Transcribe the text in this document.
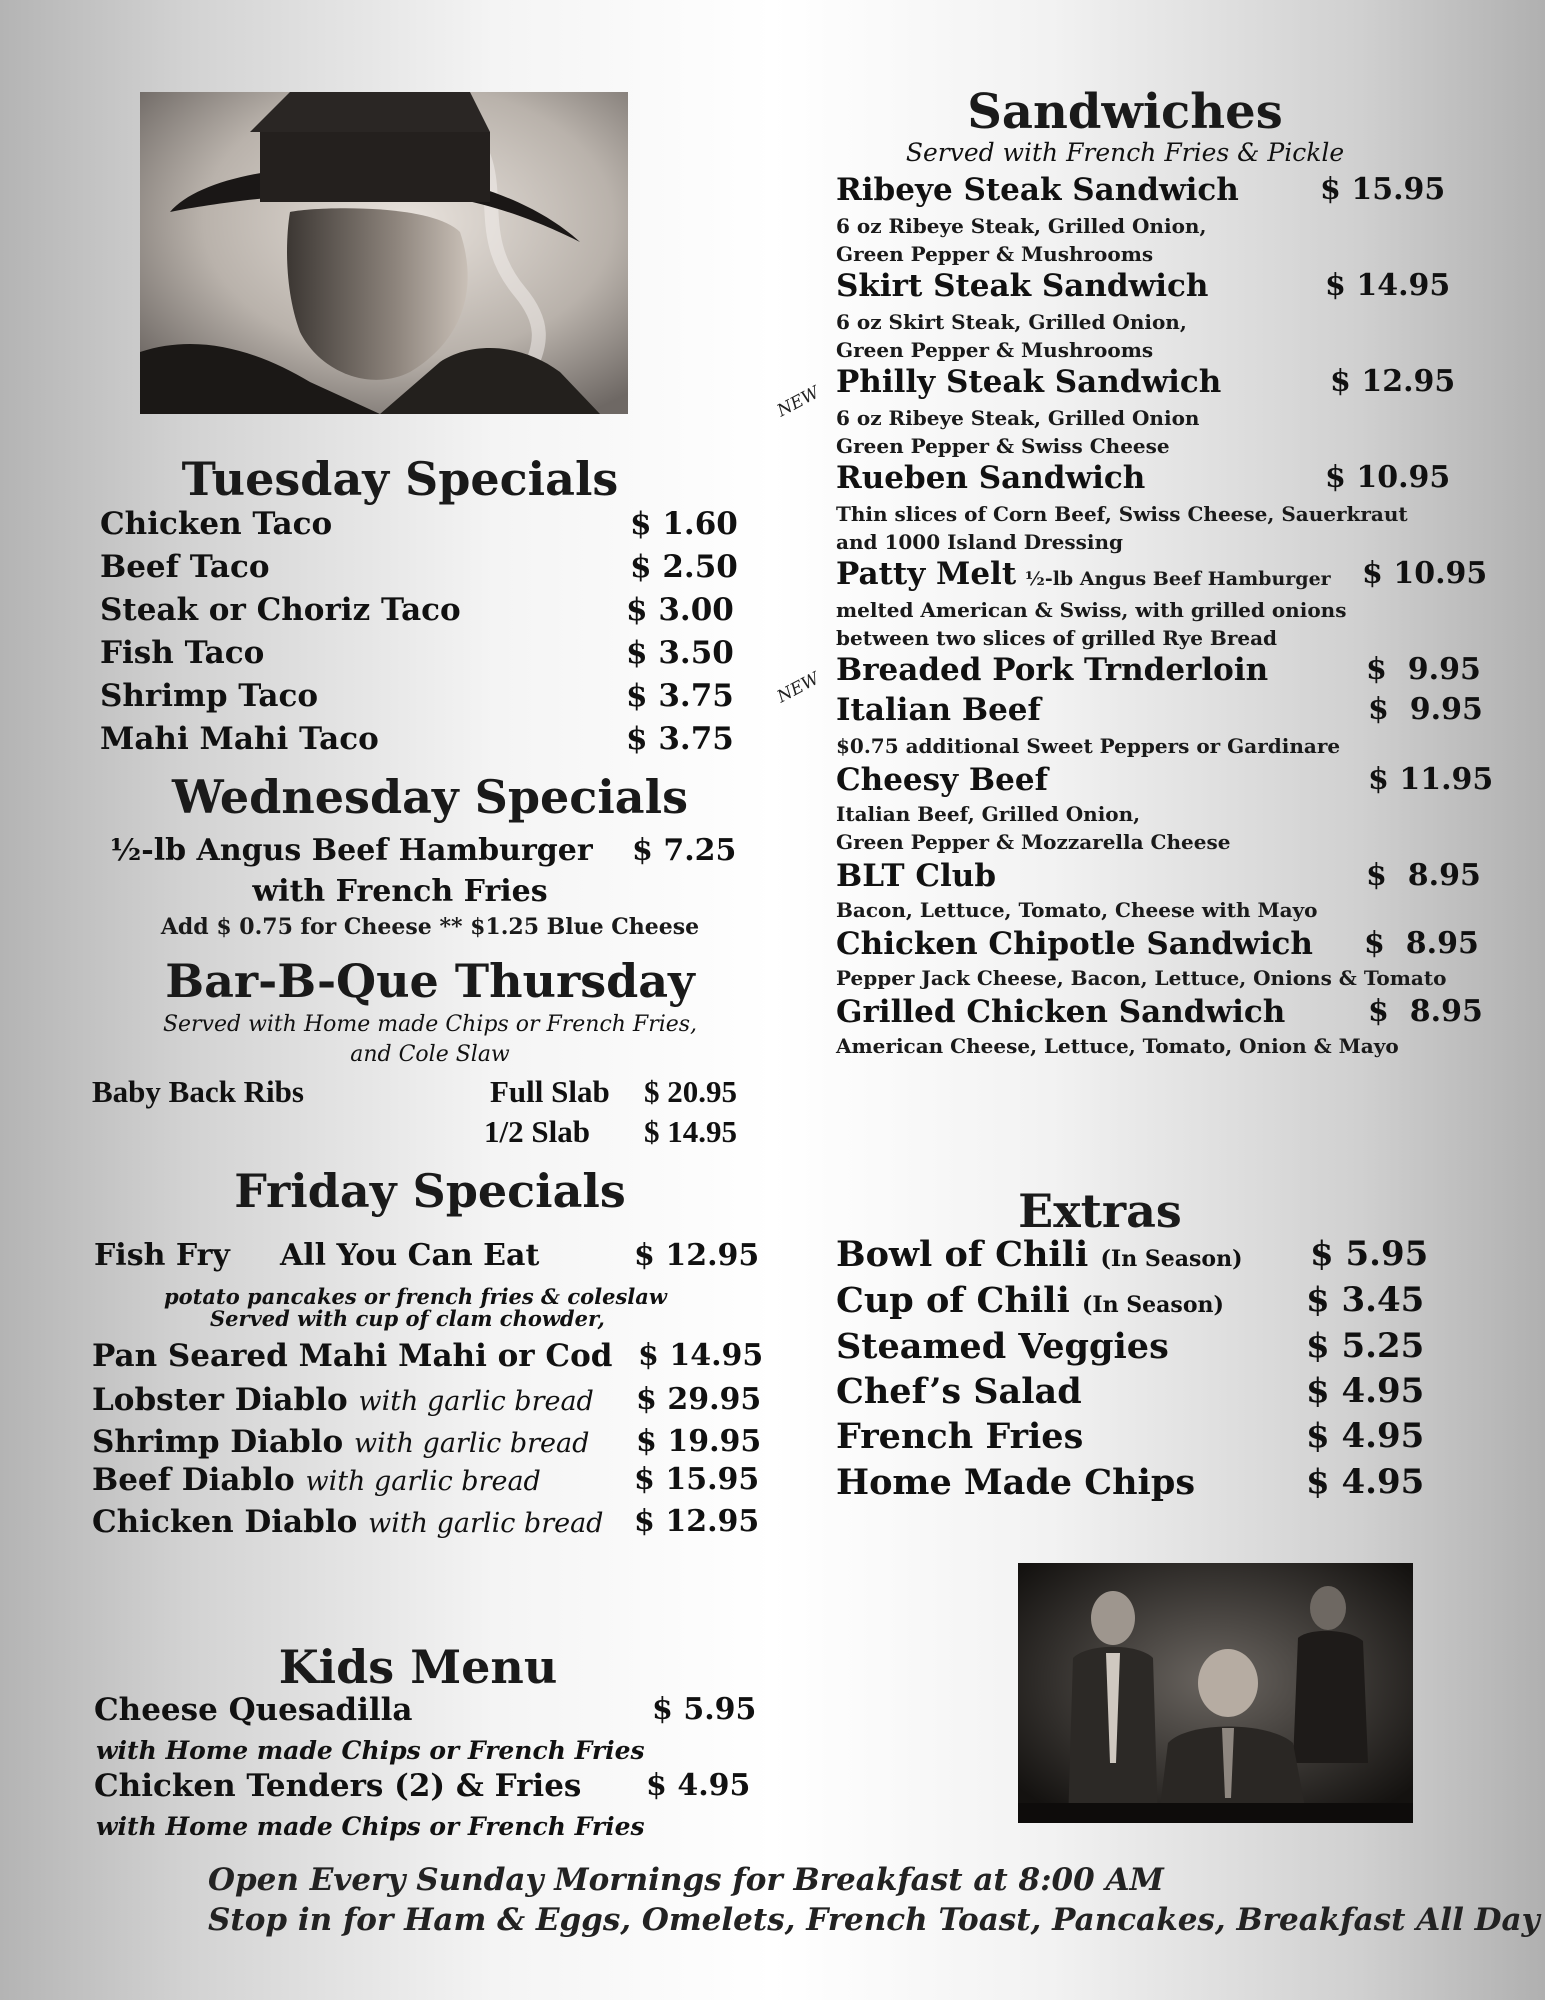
Sandwiches
Served with French Fries & Pickle
NEW
NEW
Ribeye Steak Sandwich	$ 15.95
6 oz Ribeye Steak, Grilled Onion,
Green Pepper & Mushrooms
Skirt Steak Sandwich	$ 14.95
6 oz Skirt Steak, Grilled Onion,
Green Pepper & Mushrooms
Philly Steak Sandwich	$ 12.95
6 oz Ribeye Steak, Grilled Onion
Green Pepper & Swiss Cheese
Rueben Sandwich	$ 10.95
Thin slices of Corn Beef, Swiss Cheese, Sauerkraut
and 1000 Island Dressing
Patty Melt ½-lb Angus Beef Hamburger $ 10.95
melted American & Swiss, with grilled onions
between two slices of grilled Rye Bread
Breaded Pork Trnderloin	$  9.95
Italian Beef	$  9.95
$0.75 additional Sweet Peppers or Gardinare
Cheesy Beef	$ 11.95
Italian Beef, Grilled Onion,
Green Pepper & Mozzarella Cheese
BLT Club	$  8.95
Bacon, Lettuce, Tomato, Cheese with Mayo
Chicken Chipotle Sandwich $  8.95
Pepper Jack Cheese, Bacon, Lettuce, Onions & Tomato
Grilled Chicken Sandwich	$  8.95
American Cheese, Lettuce, Tomato, Onion & Mayo
Tuesday Specials
Chicken Taco	$ 1.60
Beef Taco	$ 2.50
Steak or Choriz Taco	$ 3.00
Fish Taco	$ 3.50
Shrimp Taco	$ 3.75
Mahi Mahi Taco	$ 3.75
Wednesday Specials
½-lb Angus Beef Hamburger $ 7.25
with French Fries
Add $ 0.75 for Cheese ** $1.25 Blue Cheese
Bar-B-Que Thursday
Served with Home made Chips or French Fries,
and Cole Slaw
Baby Back Ribs	Full Slab $ 20.95
1/2 Slab $ 14.95
Friday Specials
Fish Fry All You Can Eat	$ 12.95
potato pancakes or french fries & coleslaw
Served with cup of clam chowder,
Pan Seared Mahi Mahi or Cod $ 14.95
Lobster Diablo with garlic bread $ 29.95
Shrimp Diablo with garlic bread $ 19.95
Beef Diablo with garlic bread	$ 15.95
Chicken Diablo with garlic bread $ 12.95
Extras
Bowl of Chili (In Season) $ 5.95
Cup of Chili (In Season) $ 3.45
Steamed Veggies	$ 5.25
Chef’s Salad	$ 4.95
French Fries	$ 4.95
Home Made Chips	$ 4.95
Kids Menu
Cheese Quesadilla	$ 5.95
with Home made Chips or French Fries
Chicken Tenders (2) & Fries $ 4.95
with Home made Chips or French Fries
Open Every Sunday Mornings for Breakfast at 8:00 AM
Stop in for Ham & Eggs, Omelets, French Toast, Pancakes, Breakfast All Day
